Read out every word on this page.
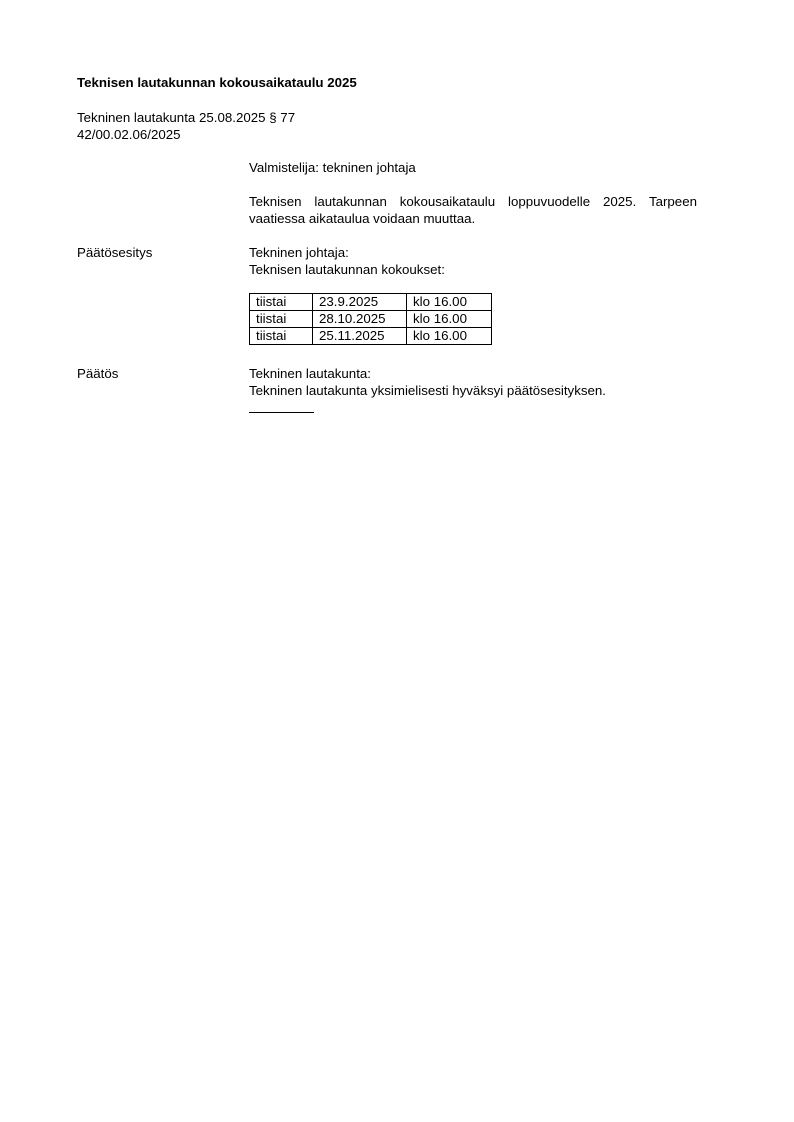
Teknisen lautakunnan kokousaikataulu 2025
Tekninen lautakunta 25.08.2025 § 77
42/00.02.06/2025
Valmistelija: tekninen johtaja
Teknisen lautakunnan kokousaikataulu loppuvuodelle 2025. Tarpeen vaatiessa aikataulua voidaan muuttaa.
Päätösesitys	Tekninen johtaja:
Teknisen lautakunnan kokoukset:
tiistai	23.9.2025	klo 16.00
tiistai	28.10.2025	klo 16.00
tiistai	25.11.2025	klo 16.00
Päätös	Tekninen lautakunta:
Tekninen lautakunta yksimielisesti hyväksyi päätösesityksen.
